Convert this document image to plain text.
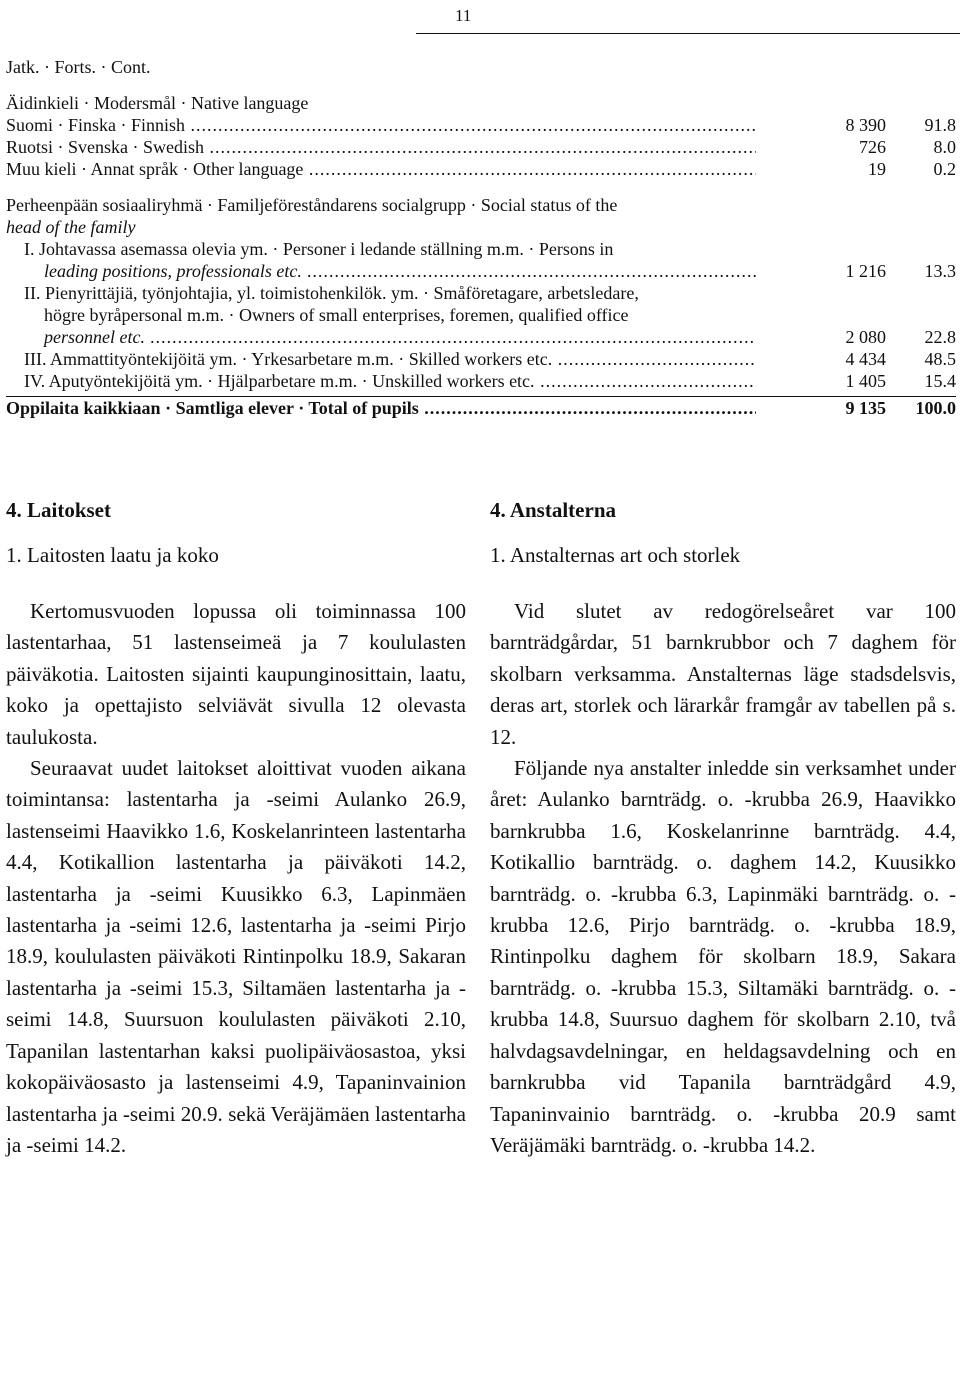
11
Jatk. · Forts. · Cont.
Äidinkieli · Modersmål · Native language
Suomi · Finska · Finnish .....	8 390	91.8
Ruotsi · Svenska · Swedish .....	726	8.0
Muu kieli · Annat språk · Other language .....	19	0.2
Perheenpään sosiaaliryhmä · Familjeföreståndarens socialgrupp · Social status of the
head of the family
I. Johtavassa asemassa olevia ym. · Personer i ledande ställning m.m. · Persons in
leading positions, professionals etc. .....	1 216	13.3
II. Pienyrittäjiä, työnjohtajia, yl. toimistohenkilök. ym. · Småföretagare, arbetsledare,
högre byråpersonal m.m. · Owners of small enterprises, foremen, qualified office
personnel etc. .....	2 080	22.8
III. Ammattityöntekijöitä ym. · Yrkesarbetare m.m. · Skilled workers etc. .....	4 434	48.5
IV. Aputyöntekijöitä ym. · Hjälparbetare m.m. · Unskilled workers etc. .....	1 405	15.4
Oppilaita kaikkiaan · Samtliga elever · Total of pupils .....	9 135	100.0
4. Laitokset
1. Laitosten laatu ja koko

Kertomusvuoden lopussa oli toiminnassa 100 lastentarhaa, 51 lastenseimeä ja 7 koululasten päiväkotia. Laitosten sijainti kaupunginosittain, laatu, koko ja opettajisto selviävät sivulla 12 olevasta taulukosta.

Seuraavat uudet laitokset aloittivat vuoden aikana toimintansa: lastentarha ja -seimi Aulanko 26.9, lastenseimi Haavikko 1.6, Koskelanrinteen lastentarha 4.4, Kotikallion lastentarha ja päiväkoti 14.2, lastentarha ja -seimi Kuusikko 6.3, Lapinmäen lastentarha ja -seimi 12.6, lastentarha ja -seimi Pirjo 18.9, koululasten päiväkoti Rintinpolku 18.9, Sakaran lastentarha ja -seimi 15.3, Siltamäen lastentarha ja -seimi 14.8, Suursuon koululasten päiväkoti 2.10, Tapanilan lastentarhan kaksi puolipäiväosastoa, yksi kokopäiväosasto ja lastenseimi 4.9, Tapaninvainion lastentarha ja -seimi 20.9. sekä Veräjämäen lastentarha ja -seimi 14.2.

4. Anstalterna
1. Anstalternas art och storlek

Vid slutet av redogörelseåret var 100 barnträdgårdar, 51 barnkrubbor och 7 daghem för skolbarn verksamma. Anstalternas läge stadsdelsvis, deras art, storlek och lärarkår framgår av tabellen på s. 12.

Följande nya anstalter inledde sin verksamhet under året: Aulanko barnträdg. o. -krubba 26.9, Haavikko barnkrubba 1.6, Koskelanrinne barnträdg. 4.4, Kotikallio barnträdg. o. daghem 14.2, Kuusikko barnträdg. o. -krubba 6.3, Lapinmäki barnträdg. o. -krubba 12.6, Pirjo barnträdg. o. -krubba 18.9, Rintinpolku daghem för skolbarn 18.9, Sakara barnträdg. o. -krubba 15.3, Siltamäki barnträdg. o. -krubba 14.8, Suursuo daghem för skolbarn 2.10, två halvdagsavdelningar, en heldagsavdelning och en barnkrubba vid Tapanila barnträdgård 4.9, Tapaninvainio barnträdg. o. -krubba 20.9 samt Veräjämäki barnträdg. o. -krubba 14.2.
